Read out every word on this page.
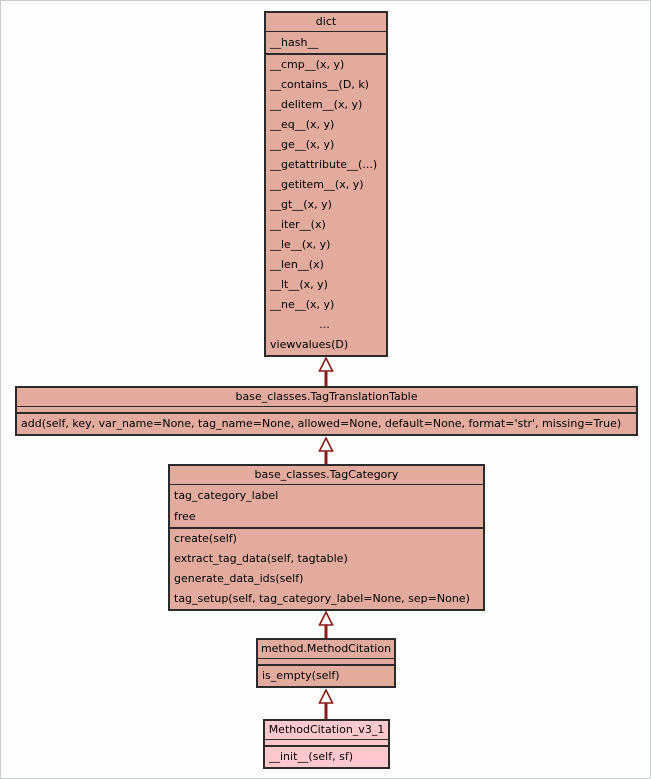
dict
__hash__
__cmp__(x, y)
__contains__(D, k)
__delitem__(x, y)
__eq__(x, y)
__ge__(x, y)
__getattribute__(...)
__getitem__(x, y)
__gt__(x, y)
__iter__(x)
__le__(x, y)
__len__(x)
__lt__(x, y)
__ne__(x, y)
...
viewvalues(D)
base_classes.TagTranslationTable
add(self, key, var_name=None, tag_name=None, allowed=None, default=None, format='str', missing=True)
base_classes.TagCategory
tag_category_label
free
create(self)
extract_tag_data(self, tagtable)
generate_data_ids(self)
tag_setup(self, tag_category_label=None, sep=None)
method.MethodCitation
is_empty(self)
MethodCitation_v3_1
__init__(self, sf)
